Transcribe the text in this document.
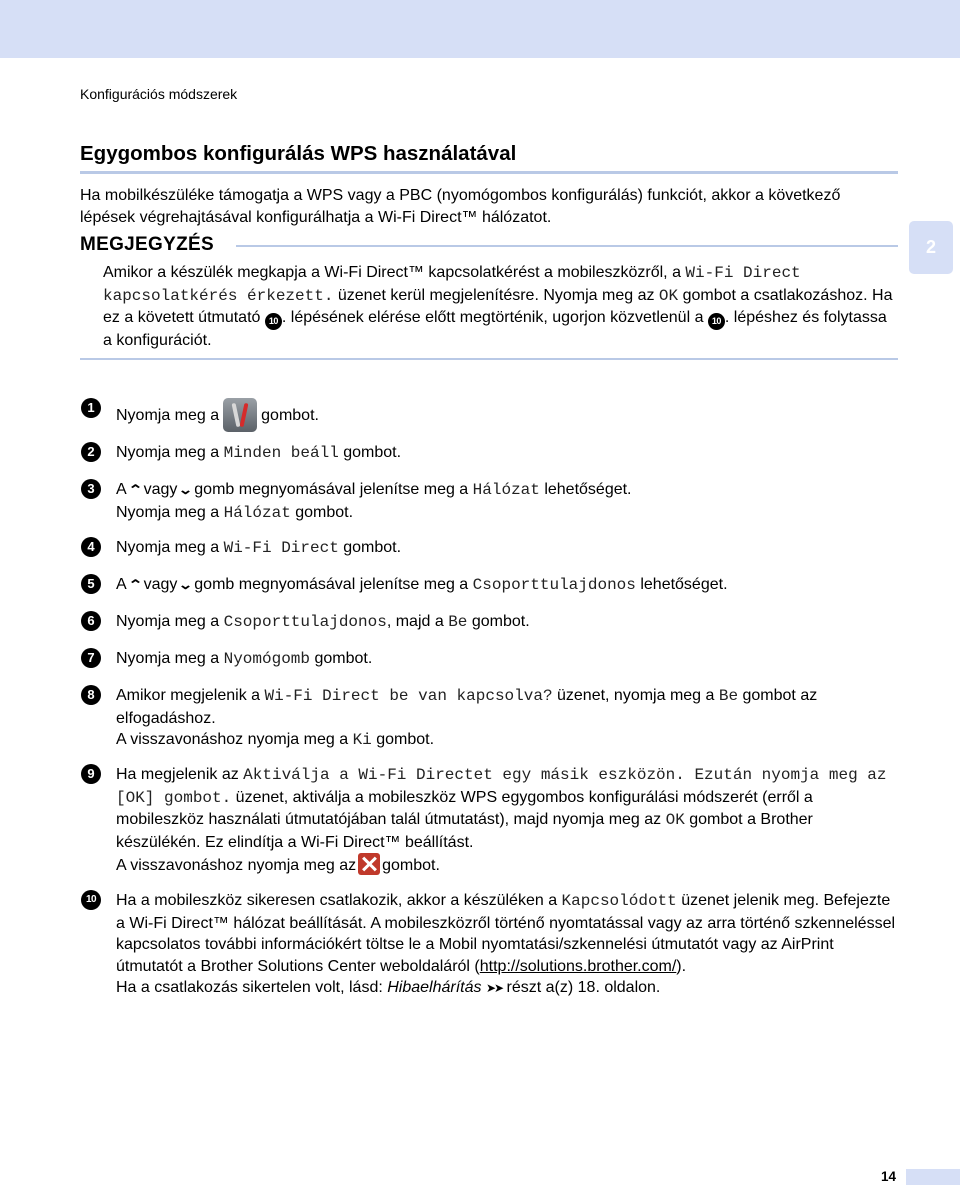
Konfigurációs módszerek
Egygombos konfigurálás WPS használatával
Ha mobilkészüléke támogatja a WPS vagy a PBC (nyomógombos konfigurálás) funkciót, akkor a következő lépések végrehajtásával konfigurálhatja a Wi-Fi Direct™ hálózatot.
MEGJEGYZÉS
Amikor a készülék megkapja a Wi-Fi Direct™ kapcsolatkérést a mobileszközről, a Wi-Fi Direct kapcsolatkérés érkezett. üzenet kerül megjelenítésre. Nyomja meg az OK gombot a csatlakozáshoz. Ha ez a követett útmutató 10 . lépésének elérése előtt megtörténik, ugorjon közvetlenül a 10 . lépéshez és folytassa a konfigurációt.
2
1	Nyomja meg a	gombot.
2	Nyomja meg a Minden beáll gombot.
3	A⌃vagy⌄gomb megnyomásával jelenítse meg a Hálózat lehetőséget.
Nyomja meg a Hálózat gombot.
4	Nyomja meg a Wi-Fi Direct gombot.
5	A⌃vagy⌄gomb megnyomásával jelenítse meg a Csoporttulajdonos lehetőséget.
6	Nyomja meg a Csoporttulajdonos, majd a Be gombot.
7	Nyomja meg a Nyomógomb gombot.
8	Amikor megjelenik a Wi-Fi Direct be van kapcsolva? üzenet, nyomja meg a Be gombot az elfogadáshoz.
A visszavonáshoz nyomja meg a Ki gombot.
9	Ha megjelenik az Aktiválja a Wi-Fi Directet egy másik eszközön. Ezután nyomja meg az [OK] gombot. üzenet, aktiválja a mobileszköz WPS egygombos konfigurálási módszerét (erről a mobileszköz használati útmutatójában talál útmutatást), majd nyomja meg az OK gombot a Brother készülékén. Ez elindítja a Wi-Fi Direct™ beállítást.
A visszavonáshoz nyomja meg az gombot.
10	Ha a mobileszköz sikeresen csatlakozik, akkor a készüléken a Kapcsolódott üzenet jelenik meg. Befejezte a Wi-Fi Direct™ hálózat beállítását. A mobileszközről történő nyomtatással vagy az arra történő szkenneléssel kapcsolatos további információkért töltse le a Mobil nyomtatási/szkennelési útmutatót vagy az AirPrint útmutatót a Brother Solutions Center weboldaláról (http://solutions.brother.com/).
Ha a csatlakozás sikertelen volt, lásd: Hibaelhárítás ➤➤ részt a(z) 18. oldalon.
14
